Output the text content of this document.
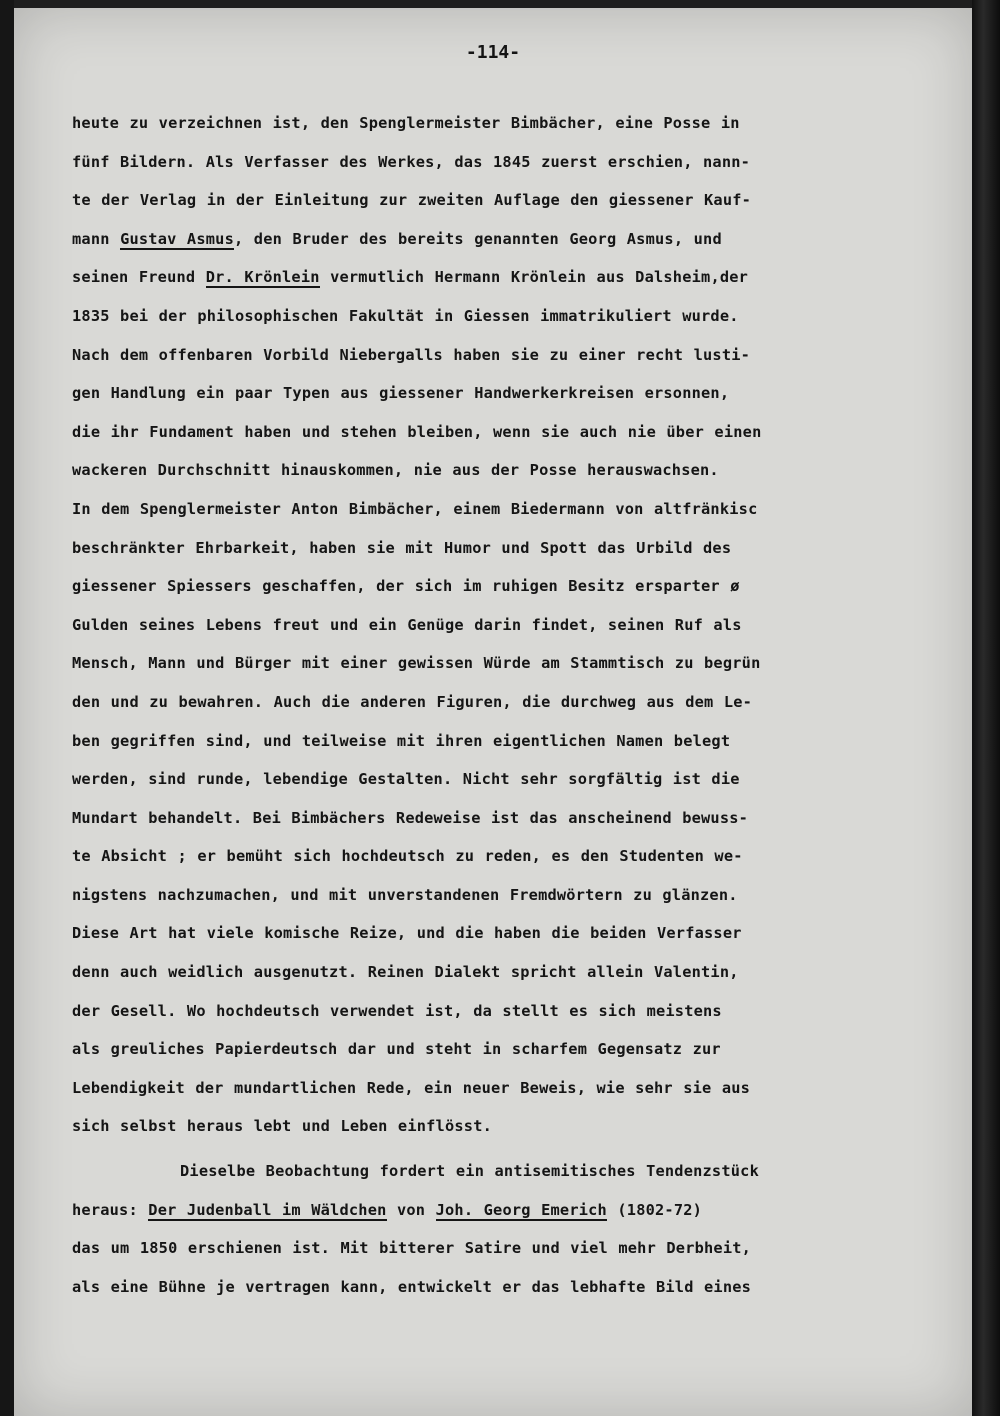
-114-
heute zu verzeichnen ist, den Spenglermeister Bimbächer, eine Posse in
fünf Bildern. Als Verfasser des Werkes, das 1845 zuerst erschien, nann-
te der Verlag in der Einleitung zur zweiten Auflage den giessener Kauf-
mann Gustav Asmus, den Bruder des bereits genannten Georg Asmus, und
seinen Freund Dr. Krönlein vermutlich Hermann Krönlein aus Dalsheim,der
1835 bei der philosophischen Fakultät in Giessen immatrikuliert wurde.
Nach dem offenbaren Vorbild Niebergalls haben sie zu einer recht lusti-
gen Handlung ein paar Typen aus giessener Handwerkerkreisen ersonnen,
die ihr Fundament haben und stehen bleiben, wenn sie auch nie über einen
wackeren Durchschnitt hinauskommen, nie aus der Posse herauswachsen.
In dem Spenglermeister Anton Bimbächer, einem Biedermann von altfränkisc
beschränkter Ehrbarkeit, haben sie mit Humor und Spott das Urbild des
giessener Spiessers geschaffen, der sich im ruhigen Besitz ersparter ø
Gulden seines Lebens freut und ein Genüge darin findet, seinen Ruf als
Mensch, Mann und Bürger mit einer gewissen Würde am Stammtisch zu begrün
den und zu bewahren. Auch die anderen Figuren, die durchweg aus dem Le-
ben gegriffen sind, und teilweise mit ihren eigentlichen Namen belegt
werden, sind runde, lebendige Gestalten. Nicht sehr sorgfältig ist die
Mundart behandelt. Bei Bimbächers Redeweise ist das anscheinend bewuss-
te Absicht ; er bemüht sich hochdeutsch zu reden, es den Studenten we-
nigstens nachzumachen, und mit unverstandenen Fremdwörtern zu glänzen.
Diese Art hat viele komische Reize, und die haben die beiden Verfasser
denn auch weidlich ausgenutzt. Reinen Dialekt spricht allein Valentin,
der Gesell. Wo hochdeutsch verwendet ist, da stellt es sich meistens
als greuliches Papierdeutsch dar und steht in scharfem Gegensatz zur
Lebendigkeit der mundartlichen Rede, ein neuer Beweis, wie sehr sie aus
sich selbst heraus lebt und Leben einflösst.
Dieselbe Beobachtung fordert ein antisemitisches Tendenzstück
heraus: Der Judenball im Wäldchen von Joh. Georg Emerich (1802-72)
das um 1850 erschienen ist. Mit bitterer Satire und viel mehr Derbheit,
als eine Bühne je vertragen kann, entwickelt er das lebhafte Bild eines
